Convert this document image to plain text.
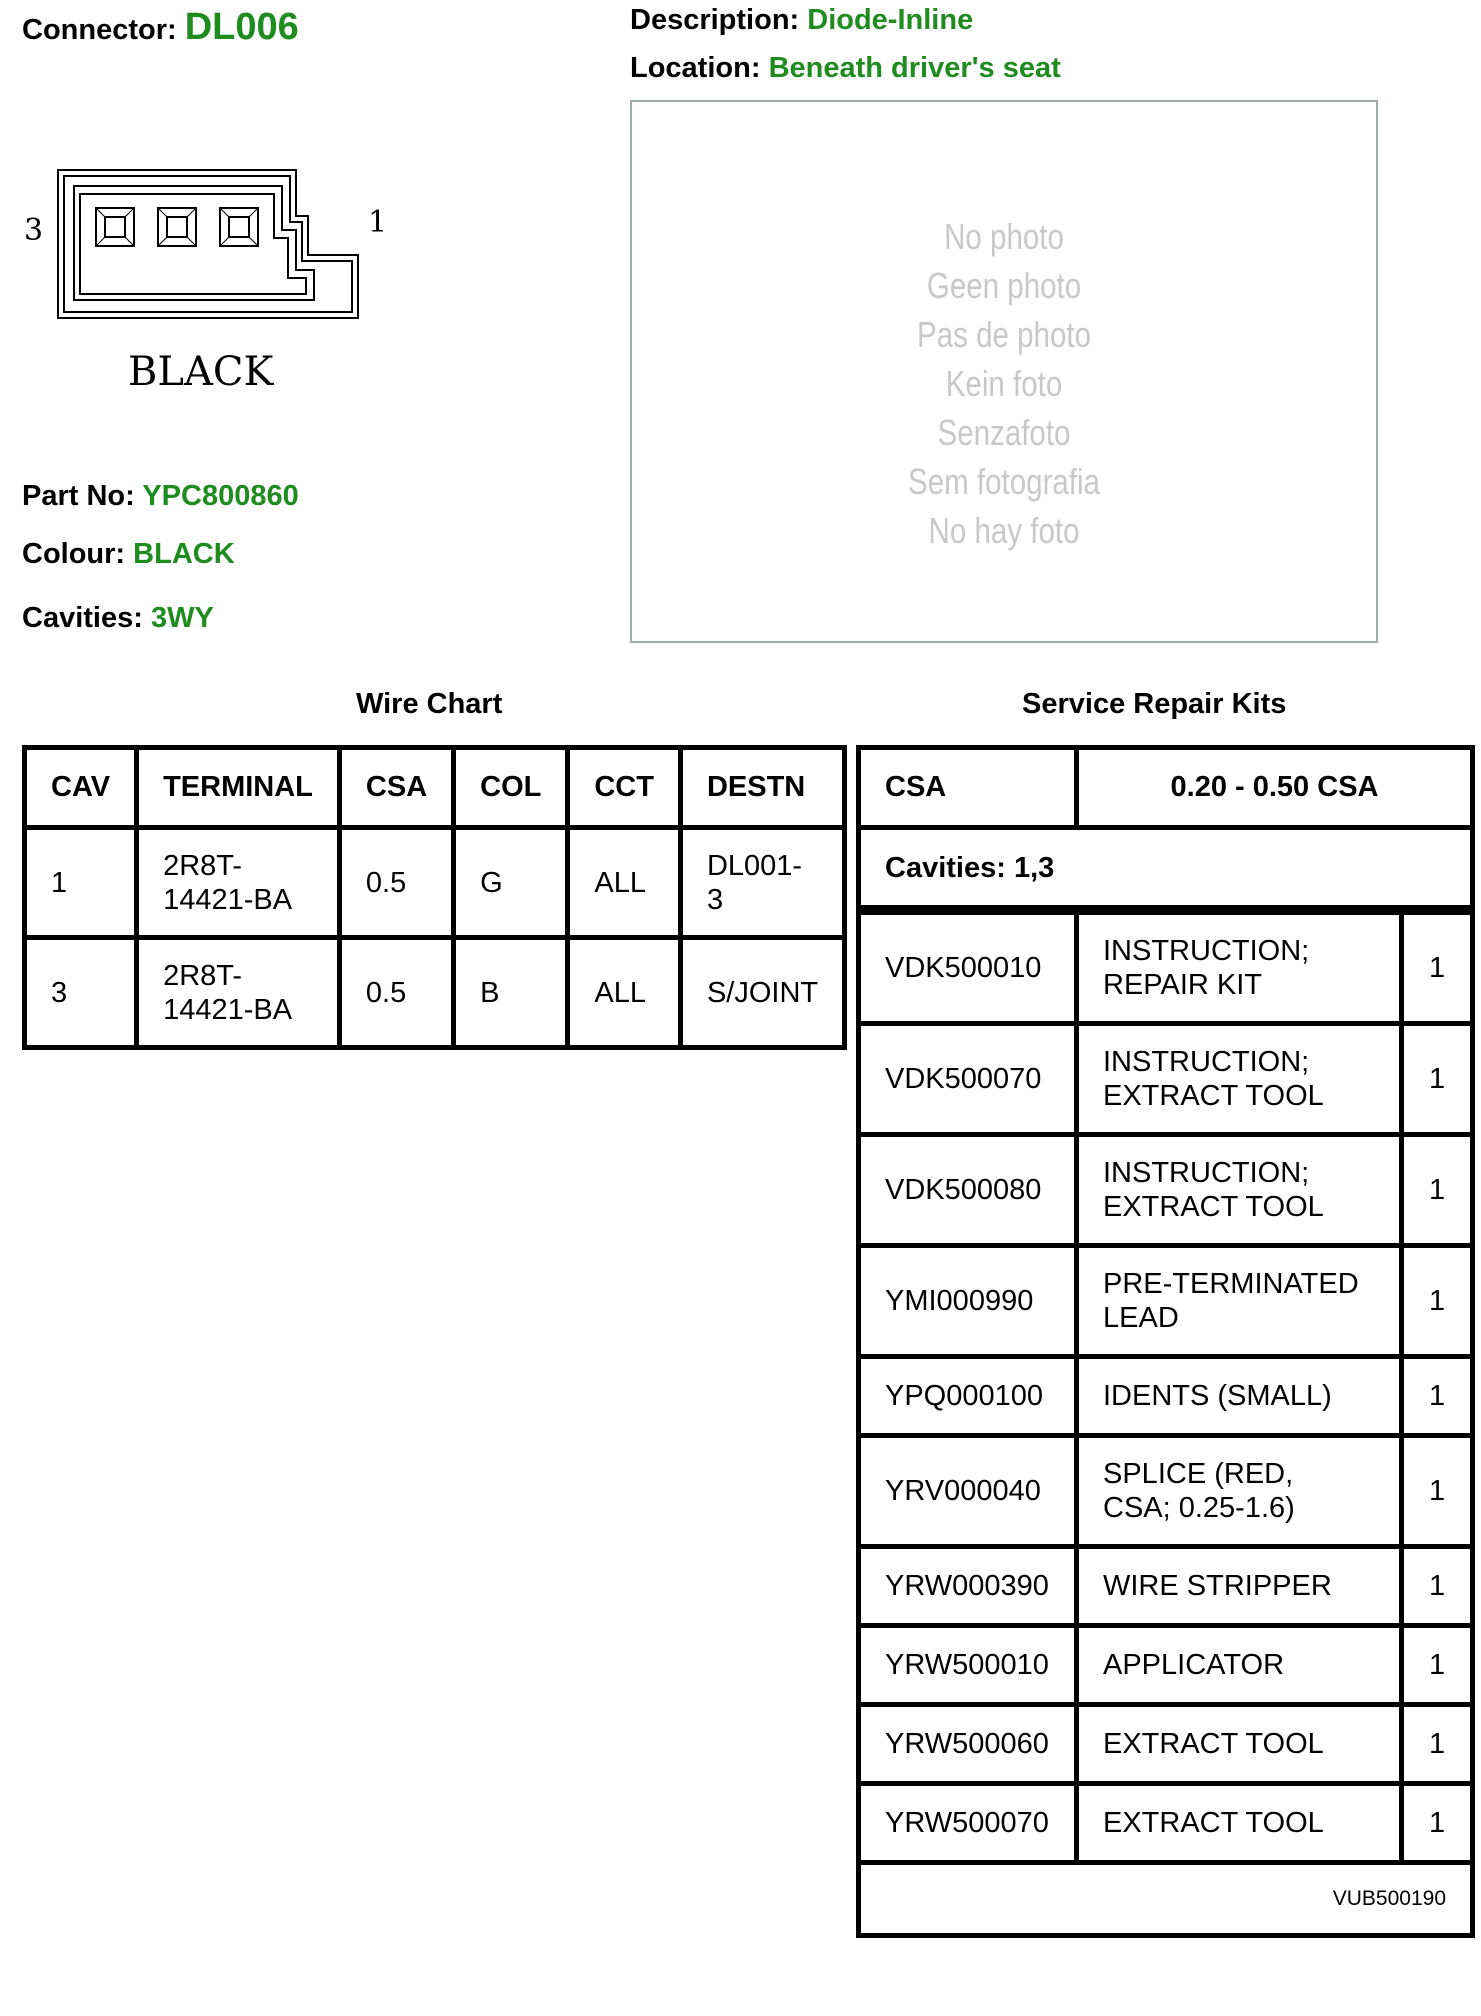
Connector: DL006	Description: Diode-Inline
Location: Beneath driver's seat
3	1
BLACK
Part No: YPC800860
Colour: BLACK
Cavities: 3WY
No photo
Geen photo
Pas de photo
Kein foto
Senzafoto
Sem fotografia
No hay foto
Wire Chart	Service Repair Kits
CAV	TERMINAL	CSA	COL	CCT	DESTN
1	2R8T-
14421-BA	0.5	G	ALL	DL001-
3
3	2R8T-
14421-BA	0.5	B	ALL	S/JOINT
CSA	0.20 - 0.50 CSA	
Cavities: 1,3		

VDK500010	INSTRUCTION;
REPAIR KIT	1
VDK500070	INSTRUCTION;
EXTRACT TOOL	1
VDK500080	INSTRUCTION;
EXTRACT TOOL	1
YMI000990	PRE-TERMINATED
LEAD	1
YPQ000100	IDENTS (SMALL)	1
YRV000040	SPLICE (RED,
CSA; 0.25-1.6)	1
YRW000390	WIRE STRIPPER	1
YRW500010	APPLICATOR	1
YRW500060	EXTRACT TOOL	1
YRW500070	EXTRACT TOOL	1
VUB500190		
